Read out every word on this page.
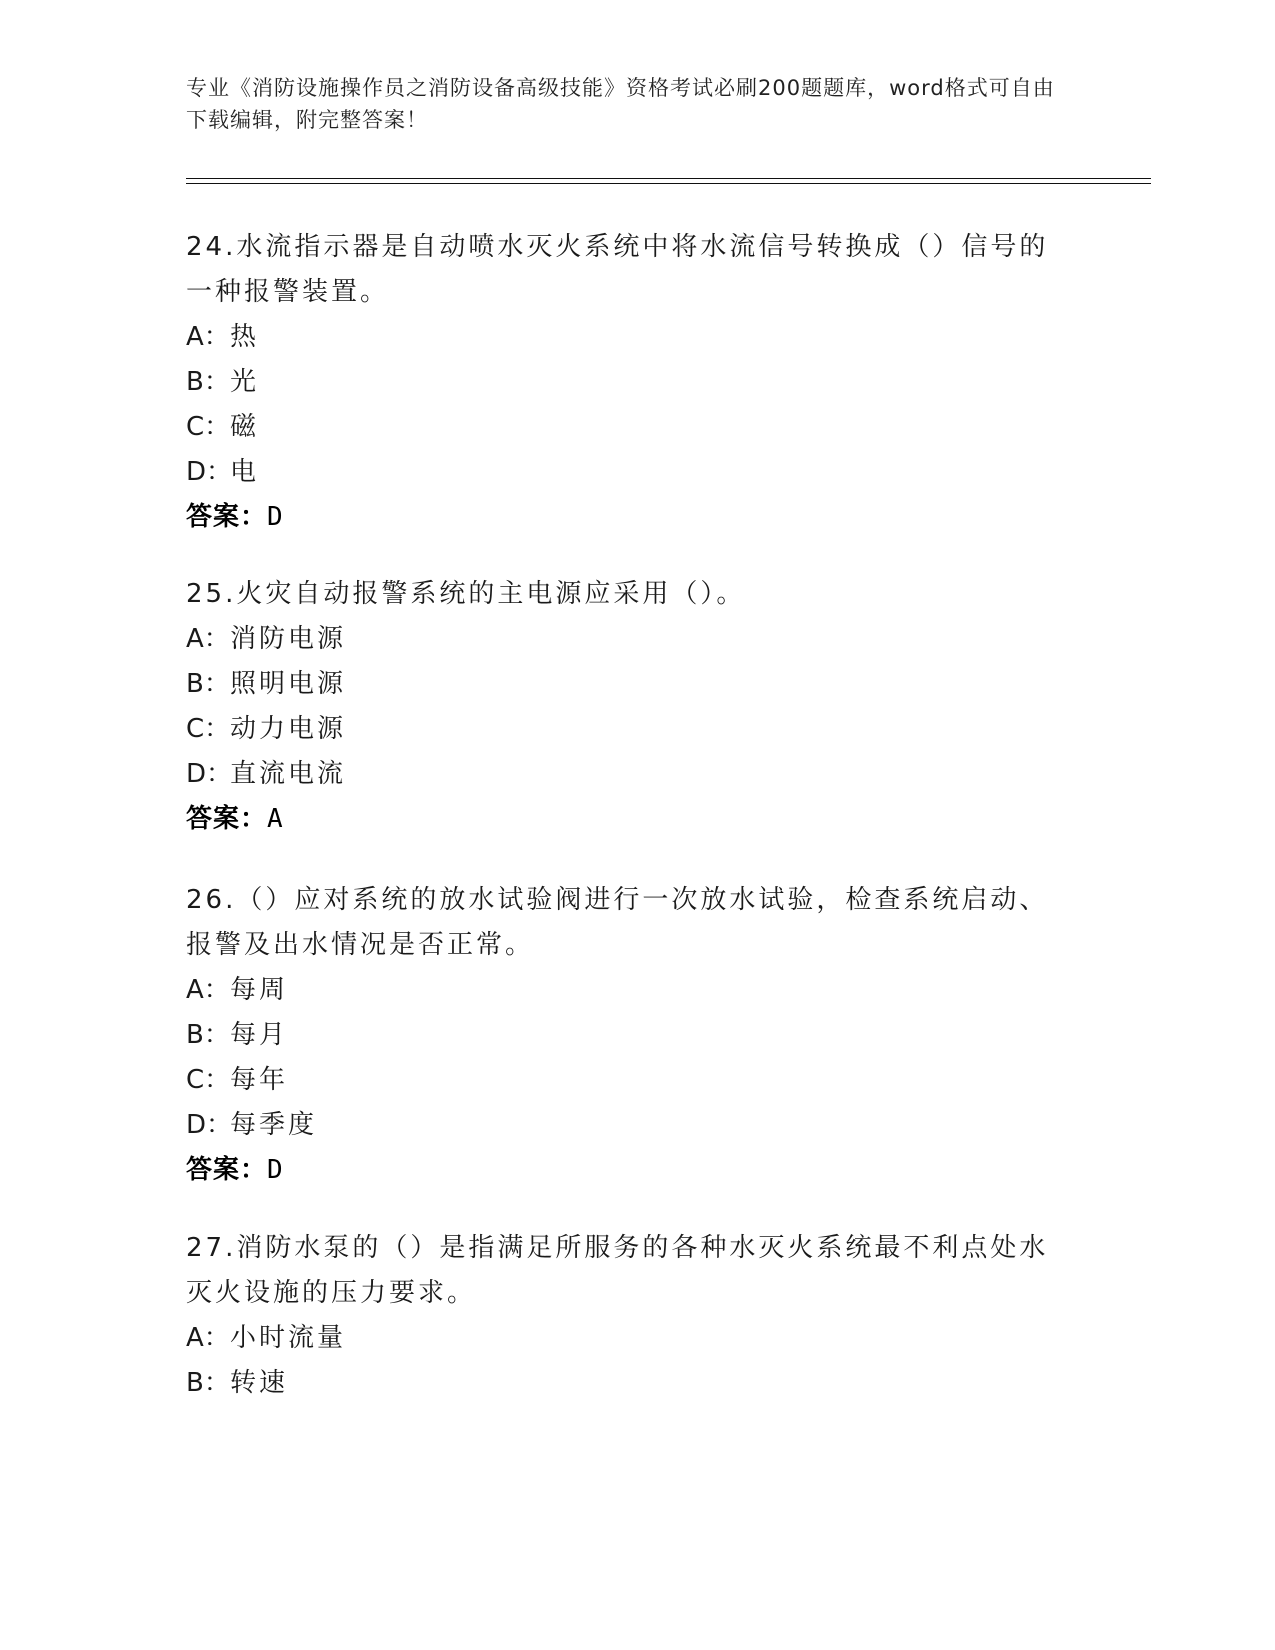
专业《消防设施操作员之消防设备高级技能》资格考试必刷200题题库，word格式可自由下载编辑，附完整答案！
24.水流指示器是自动喷水灭火系统中将水流信号转换成（）信号的一种报警装置。
A： 热
B： 光
C： 磁
D：
电
答案：D
25.火灾自动报警系统的主电源应采用（）。
A： 消防电源
B： 照明电源
C： 动力电源
D：
直流电流
答案：A
26.（）应对系统的放水试验阀进行一次放水试验，检查系统启动、报警及出水情况是否正常。
A： 每周
B： 每月
C： 每年
D：
每季度
答案：D
27.消防水泵的（）是指满足所服务的各种水灭火系统最不利点处水灭火设施的压力要求。
A： 小时流量
B： 转速
